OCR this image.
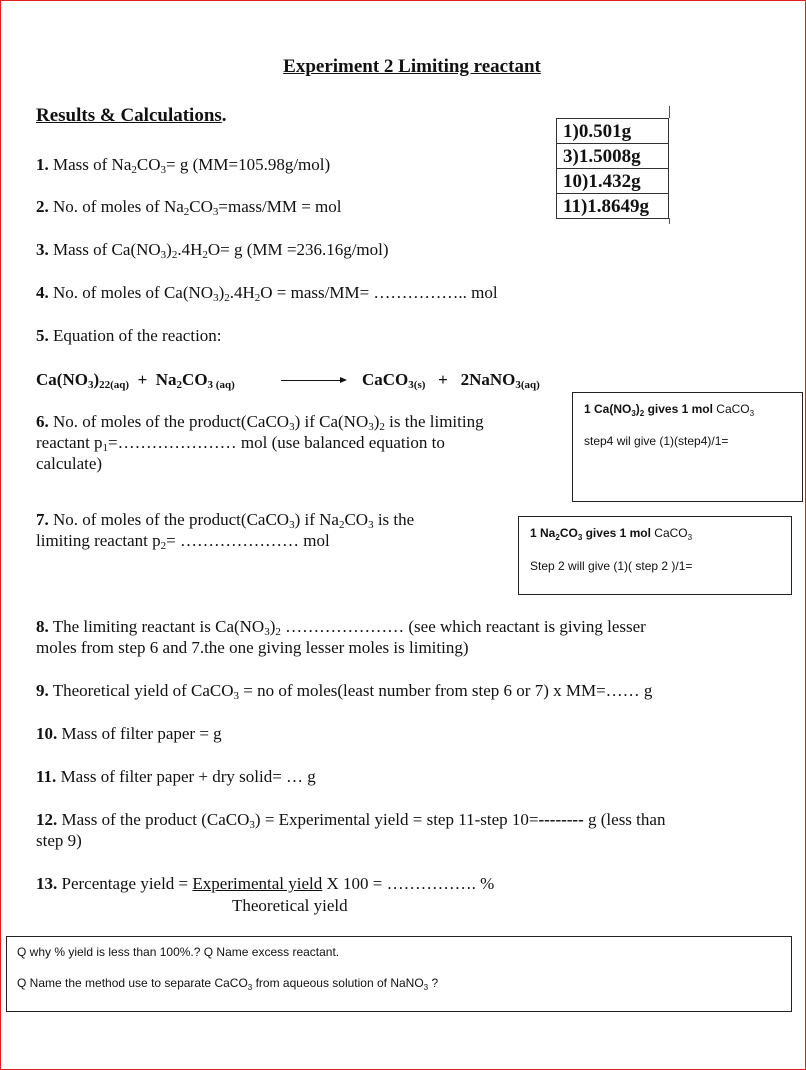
Experiment 2 Limiting reactant
Results & Calculations.
1)0.501g
3)1.5008g
10)1.432g
11)1.8649g
1. Mass of $Na_2CO_3= g$ (MM=105.98g/mol)
2. No. of moles of $Na_2CO_3=mass/MM$ = mol
3. Mass of $Ca(NO_3)_2.4H_2O= g$ (MM =236.16g/mol)
4. No. of moles of $Ca(NO_3)_2.4H_2O$ = mass/MM= …………….. mol
5. Equation of the reaction:
$Ca(NO_3)_{22(aq)} + Na_2CO_{3 (aq)}$	→ CaCO$_{3(s)}$ + 2NaNO$_{3(aq)}$
6. No. of moles of the product(CaCO$_3$) if $Ca(NO_3)_2$ is the limiting
reactant $p_1=\dots\dots\dots\dots\dots\dots\dots$ mol (use balanced equation to
calculate)
1 $Ca(NO_3)_2$ gives 1 mol CaCO$_3$
step4 wil give (1)(step4)/1=
7. No. of moles of the product(CaCO$_3$) if $Na_2CO_3$ is the
limiting reactant $p_2=$ ………………… mol	1 $Na_2CO_3$ gives 1 mol CaCO$_3$
Step 2 will give (1)( step 2 )/1=
8. The limiting reactant is $Ca(NO_3)_2$ ………………… (see which reactant is giving lesser
moles from step 6 and 7.the one giving lesser moles is limiting)
9. Theoretical yield of CaCO$_3$ = no of moles(least number from step 6 or 7) x MM=…… g
10. Mass of filter paper = g
11. Mass of filter paper + dry solid= … g
12. Mass of the product (CaCO$_3$) = Experimental yield = step 11-step 10=-------- g (less than
step 9)
13. Percentage yield = Experimental yield X 100 = ……………. %
Theoretical yield
Q why % yield is less than 100%.? Q Name excess reactant.
Q Name the method use to separate CaCO$_3$ from aqueous solution of NaNO$_3$ ?
